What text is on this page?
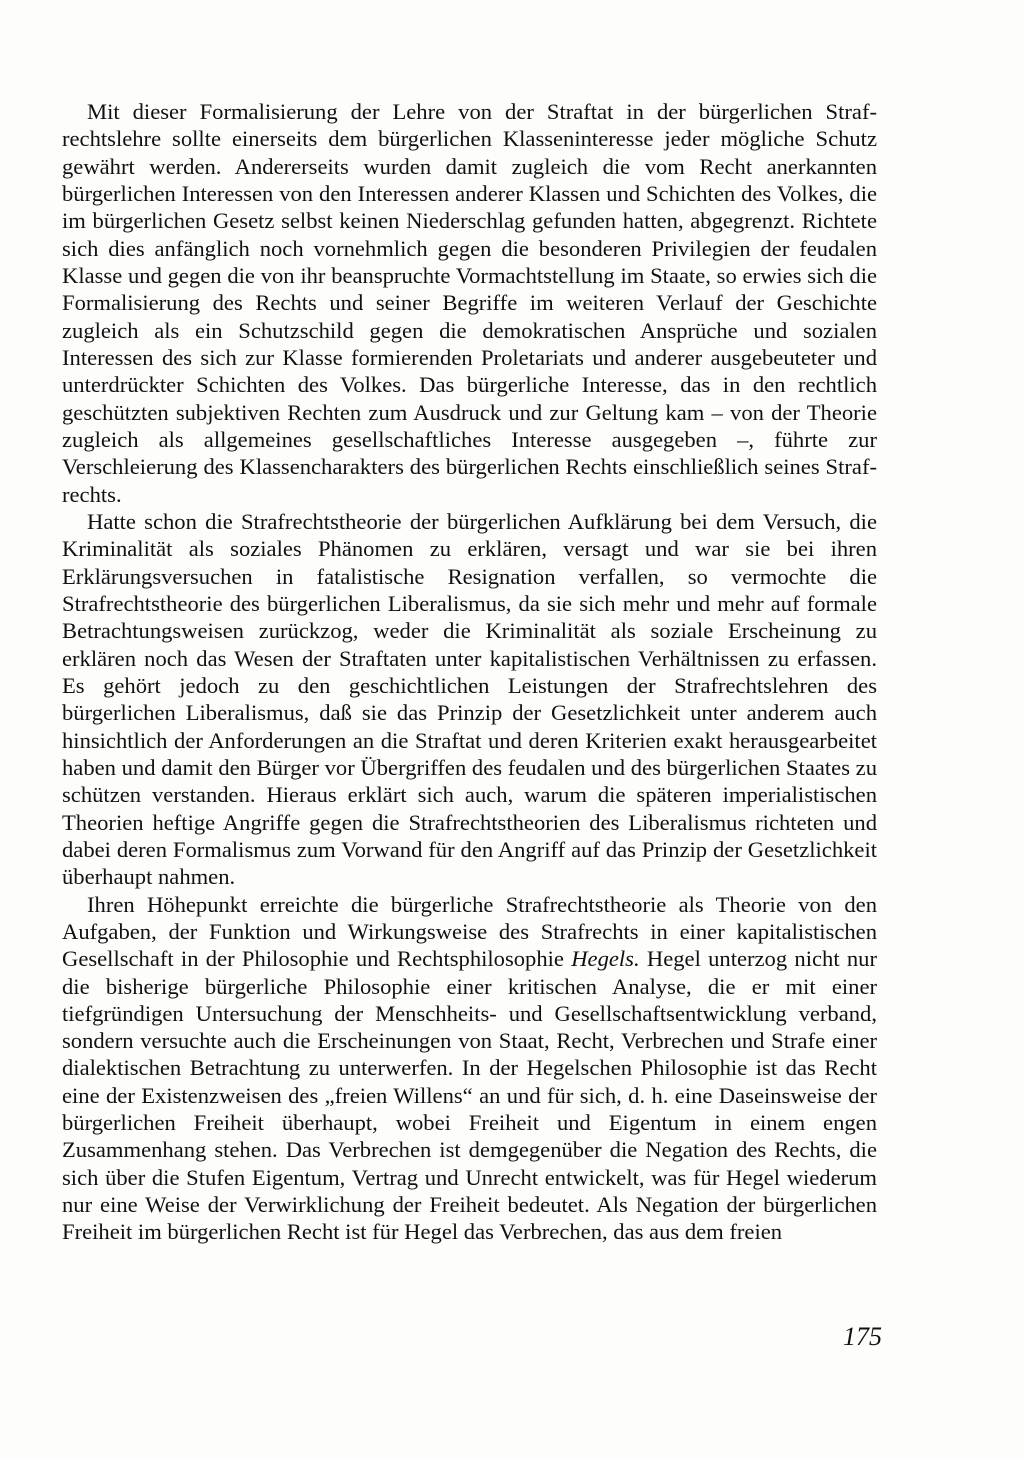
Mit dieser Formalisierung der Lehre von der Straftat in der bürgerlichen Strafrechtslehre sollte einerseits dem bürgerlichen Klasseninteresse jeder mögliche Schutz gewährt werden. Andererseits wurden damit zugleich die vom Recht anerkannten bürgerlichen Interessen von den Interessen anderer Klassen und Schichten des Volkes, die im bürgerlichen Gesetz selbst keinen Niederschlag gefunden hatten, abgegrenzt. Richtete sich dies anfänglich noch vornehmlich gegen die besonderen Privilegien der feudalen Klasse und gegen die von ihr beanspruchte Vormachtstellung im Staate, so erwies sich die Formalisierung des Rechts und seiner Begriffe im weiteren Verlauf der Geschichte zugleich als ein Schutzschild gegen die demokratischen Ansprüche und sozialen Interessen des sich zur Klasse formierenden Proletariats und anderer ausgebeuteter und unterdrückter Schichten des Volkes. Das bürgerliche Interesse, das in den rechtlich geschützten subjektiven Rechten zum Ausdruck und zur Geltung kam – von der Theorie zugleich als allgemeines gesellschaftliches Interesse ausgegeben –, führte zur Verschleierung des Klassencharakters des bürgerlichen Rechts einschließlich seines Strafrechts.

Hatte schon die Strafrechtstheorie der bürgerlichen Aufklärung bei dem Versuch, die Kriminalität als soziales Phänomen zu erklären, versagt und war sie bei ihren Erklärungsversuchen in fatalistische Resignation verfallen, so vermochte die Strafrechtstheorie des bürgerlichen Liberalismus, da sie sich mehr und mehr auf formale Betrachtungsweisen zurückzog, weder die Kriminalität als soziale Erscheinung zu erklären noch das Wesen der Straftaten unter kapitalistischen Verhältnissen zu erfassen. Es gehört jedoch zu den geschichtlichen Leistungen der Strafrechtslehren des bürgerlichen Liberalismus, daß sie das Prinzip der Gesetzlichkeit unter anderem auch hinsichtlich der Anforderungen an die Straftat und deren Kriterien exakt herausgearbeitet haben und damit den Bürger vor Übergriffen des feudalen und des bürgerlichen Staates zu schützen verstanden. Hieraus erklärt sich auch, warum die späteren imperialistischen Theorien heftige Angriffe gegen die Strafrechtstheorien des Liberalismus richteten und dabei deren Formalismus zum Vorwand für den Angriff auf das Prinzip der Gesetzlichkeit überhaupt nahmen.

Ihren Höhepunkt erreichte die bürgerliche Strafrechtstheorie als Theorie von den Aufgaben, der Funktion und Wirkungsweise des Strafrechts in einer kapitalistischen Gesellschaft in der Philosophie und Rechtsphilosophie Hegels. Hegel unterzog nicht nur die bisherige bürgerliche Philosophie einer kritischen Analyse, die er mit einer tiefgründigen Untersuchung der Menschheits- und Gesellschaftsentwicklung verband, sondern versuchte auch die Erscheinungen von Staat, Recht, Verbrechen und Strafe einer dialektischen Betrachtung zu unterwerfen. In der Hegelschen Philosophie ist das Recht eine der Existenzweisen des „freien Willens“ an und für sich, d. h. eine Daseinsweise der bürgerlichen Freiheit überhaupt, wobei Freiheit und Eigentum in einem engen Zusammenhang stehen. Das Verbrechen ist demgegenüber die Negation des Rechts, die sich über die Stufen Eigentum, Vertrag und Unrecht entwickelt, was für Hegel wiederum nur eine Weise der Verwirklichung der Freiheit bedeutet. Als Negation der bürgerlichen Freiheit im bürgerlichen Recht ist für Hegel das Verbrechen, das aus dem freien

175
